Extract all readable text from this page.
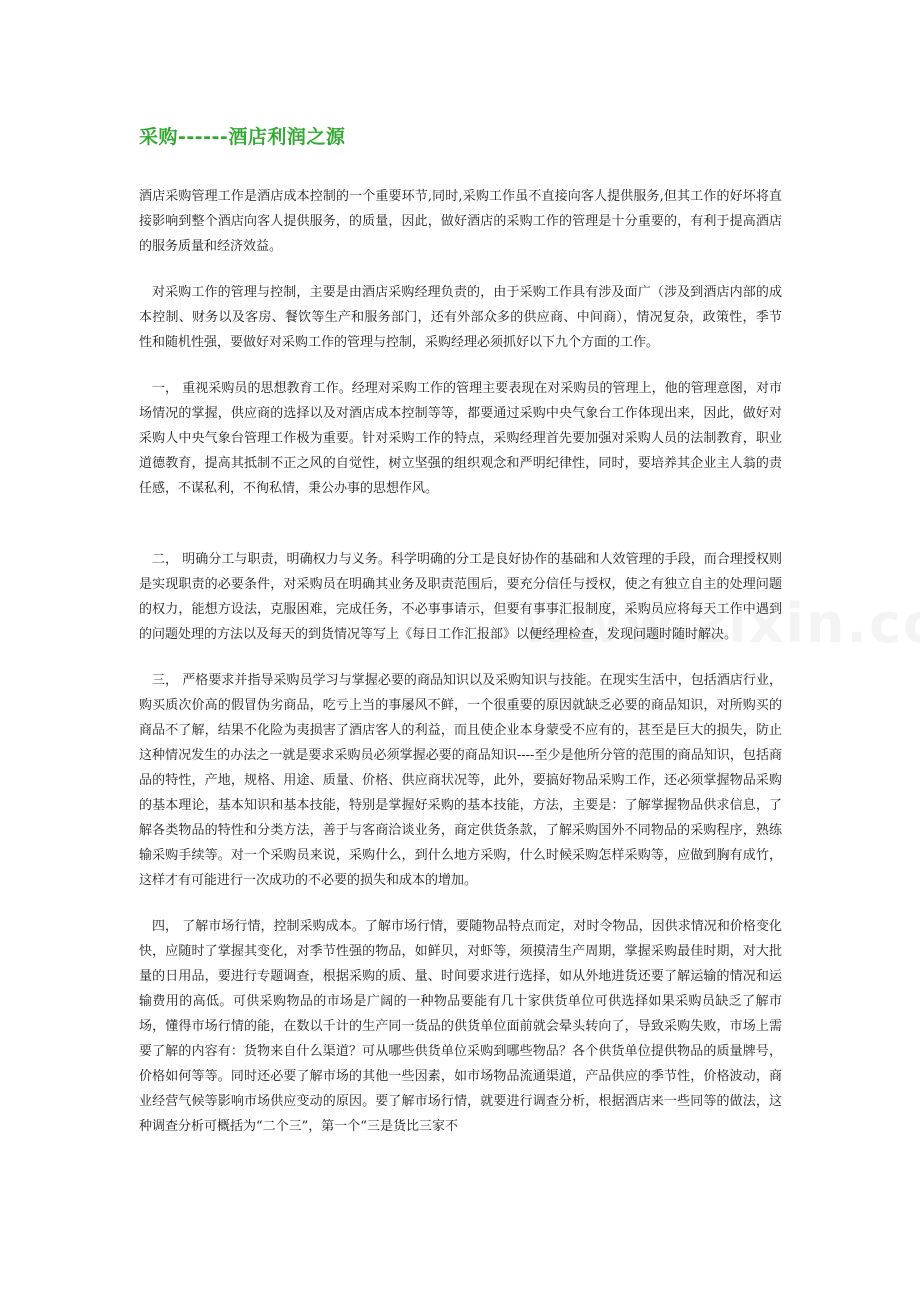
采购------酒店利润之源

酒店采购管理工作是酒店成本控制的一个重要环节,同时,采购工作虽不直接向客人提供服务,但其工作的好坏将直接影响到整个酒店向客人提供服务，的质量，因此，做好酒店的采购工作的管理是十分重要的，有利于提高酒店的服务质量和经济效益。

对采购工作的管理与控制，主要是由酒店采购经理负责的，由于采购工作具有涉及面广（涉及到酒店内部的成本控制、财务以及客房、餐饮等生产和服务部门，还有外部众多的供应商、中间商），情况复杂，政策性，季节性和随机性强，要做好对采购工作的管理与控制，采购经理必须抓好以下九个方面的工作。

一， 重视采购员的思想教育工作。经理对采购工作的管理主要表现在对采购员的管理上，他的管理意图，对市场情况的掌握，供应商的选择以及对酒店成本控制等等，都要通过采购中央气象台工作体现出来，因此，做好对采购人中央气象台管理工作极为重要。针对采购工作的特点，采购经理首先要加强对采购人员的法制教育，职业道德教育，提高其抵制不正之风的自觉性，树立坚强的组织观念和严明纪律性，同时，要培养其企业主人翁的责任感，不谋私利，不徇私情，秉公办事的思想作风。

二， 明确分工与职责，明确权力与义务。科学明确的分工是良好协作的基础和人效管理的手段，而合理授权则是实现职责的必要条件，对采购员在明确其业务及职责范围后，要充分信任与授权，使之有独立自主的处理问题的权力，能想方设法，克服困难，完成任务，不必事事请示，但要有事事汇报制度，采购员应将每天工作中遇到的问题处理的方法以及每天的到货情况等写上《每日工作汇报部》以便经理检查，发现问题时随时解决。

三， 严格要求并指导采购员学习与掌握必要的商品知识以及采购知识与技能。在现实生活中，包括酒店行业，购买质次价高的假冒伪劣商品，吃亏上当的事屡风不鲜，一个很重要的原因就缺乏必要的商品知识，对所购买的商品不了解，结果不化险为夷损害了酒店客人的利益，而且使企业本身蒙受不应有的，甚至是巨大的损失，防止这种情况发生的办法之一就是要求采购员必须掌握必要的商品知识----至少是他所分管的范围的商品知识，包括商品的特性，产地，规格、用途、质量、价格、供应商状况等，此外，要搞好物品采购工作，还必须掌握物品采购的基本理论，基本知识和基本技能，特别是掌握好采购的基本技能，方法，主要是：了解掌握物品供求信息，了解各类物品的特性和分类方法，善于与客商洽谈业务，商定供货条款，了解采购国外不同物品的采购程序，熟练输采购手续等。对一个采购员来说，采购什么，到什么地方采购，什么时候采购怎样采购等，应做到胸有成竹，这样才有可能进行一次成功的不必要的损失和成本的增加。

四， 了解市场行情，控制采购成本。了解市场行情，要随物品特点而定，对时令物品，因供求情况和价格变化快，应随时了掌握其变化，对季节性强的物品，如鲜贝，对虾等，须摸清生产周期，掌握采购最佳时期，对大批量的日用品，要进行专题调查，根据采购的质、量、时间要求进行选择，如从外地进货还要了解运输的情况和运输费用的高低。可供采购物品的市场是广阔的一种物品要能有几十家供货单位可供选择如果采购员缺乏了解市场，懂得市场行情的能，在数以千计的生产同一货品的供货单位面前就会晕头转向了，导致采购失败，市场上需要了解的内容有：货物来自什么渠道？可从哪些供货单位采购到哪些物品？各个供货单位提供物品的质量牌号，价格如何等等。同时还必要了解市场的其他一些因素，如市场物品流通渠道，产品供应的季节性，价格波动，商业经营气候等影响市场供应变动的原因。要了解市场行情，就要进行调查分析，根据酒店来一些同等的做法，这种调查分析可概括为“二个三”，第一个“三是货比三家不
